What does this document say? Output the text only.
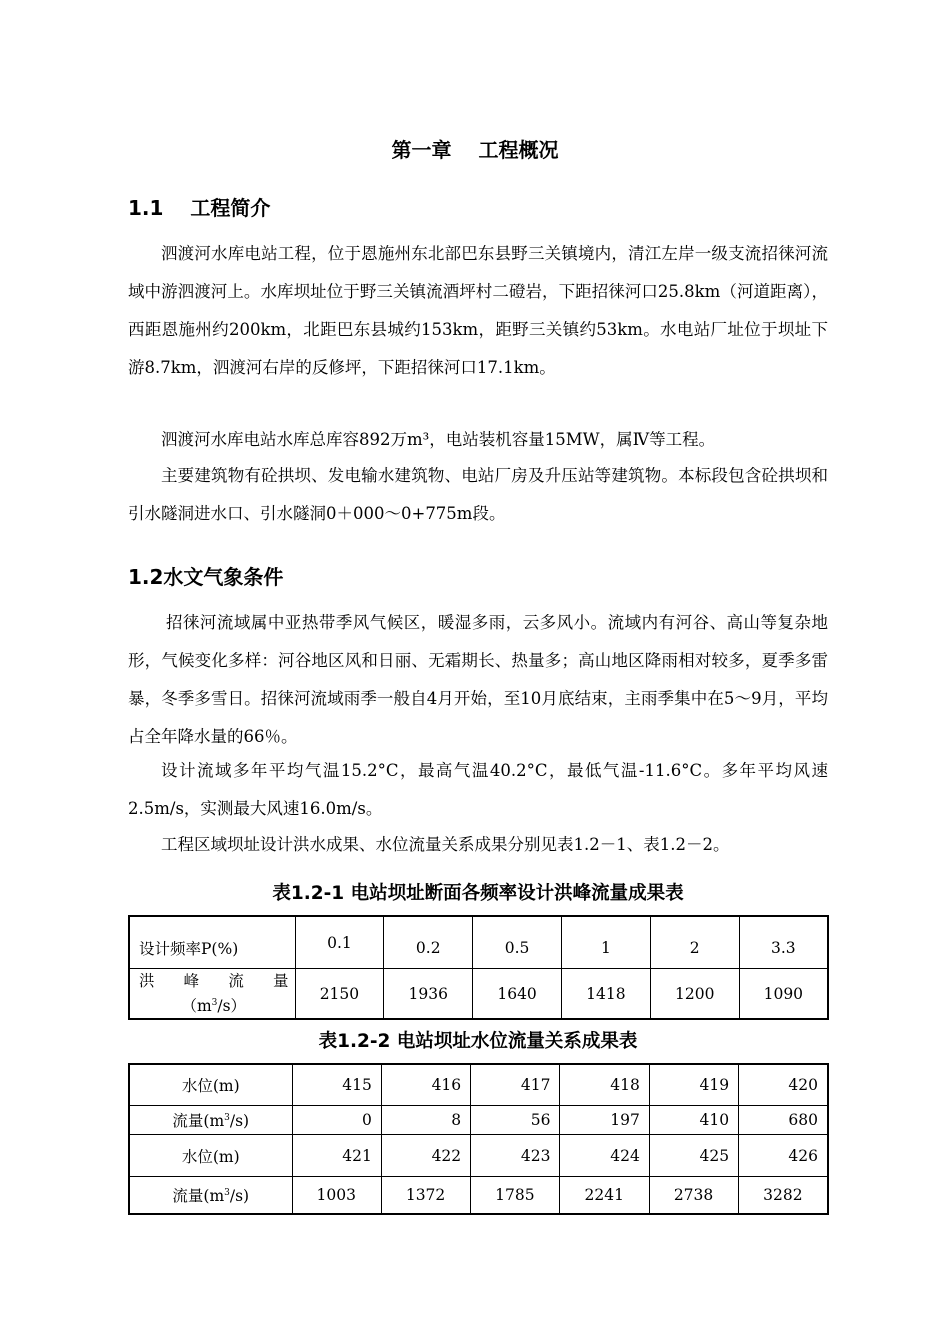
第一章　 工程概况
1.1　 工程简介

泗渡河水库电站工程，位于恩施州东北部巴东县野三关镇境内，清江左岸一级支流招徕河流域中游泗渡河上。水库坝址位于野三关镇流酒坪村二磴岩，下距招徕河口25.8km（河道距离），西距恩施州约200km，北距巴东县城约153km，距野三关镇约53km。水电站厂址位于坝址下游8.7km，泗渡河右岸的反修坪，下距招徕河口17.1km。

泗渡河水库电站水库总库容892万m³，电站装机容量15MW，属Ⅳ等工程。

主要建筑物有砼拱坝、发电输水建筑物、电站厂房及升压站等建筑物。本标段包含砼拱坝和引水隧洞进水口、引水隧洞0＋000～0+775m段。

1.2水文气象条件

招徕河流域属中亚热带季风气候区，暖湿多雨，云多风小。流域内有河谷、高山等复杂地形，气候变化多样：河谷地区风和日丽、无霜期长、热量多；高山地区降雨相对较多，夏季多雷暴，冬季多雪日。招徕河流域雨季一般自4月开始，至10月底结束，主雨季集中在5～9月，平均占全年降水量的66％。

设计流域多年平均气温15.2°C，最高气温40.2°C，最低气温-11.6°C。多年平均风速2.5m/s，实测最大风速16.0m/s。

工程区域坝址设计洪水成果、水位流量关系成果分别见表1.2－1、表1.2－2。

表1.2-1 电站坝址断面各频率设计洪峰流量成果表
设计频率P(%)	0.1	0.2	0.5	1	2	3.3

洪 峰 流 量
$(m^3/s)$	2150	1936	1640	1418	1200	1090
表1.2-2 电站坝址水位流量关系成果表
水位(m)	415	416	417	418	419	420
流量$(m^3/s)$	0	8	56	197	410	680
水位(m)	421	422	423	424	425	426
流量$(m^3/s)$	1003	1372	1785	2241	2738	3282
